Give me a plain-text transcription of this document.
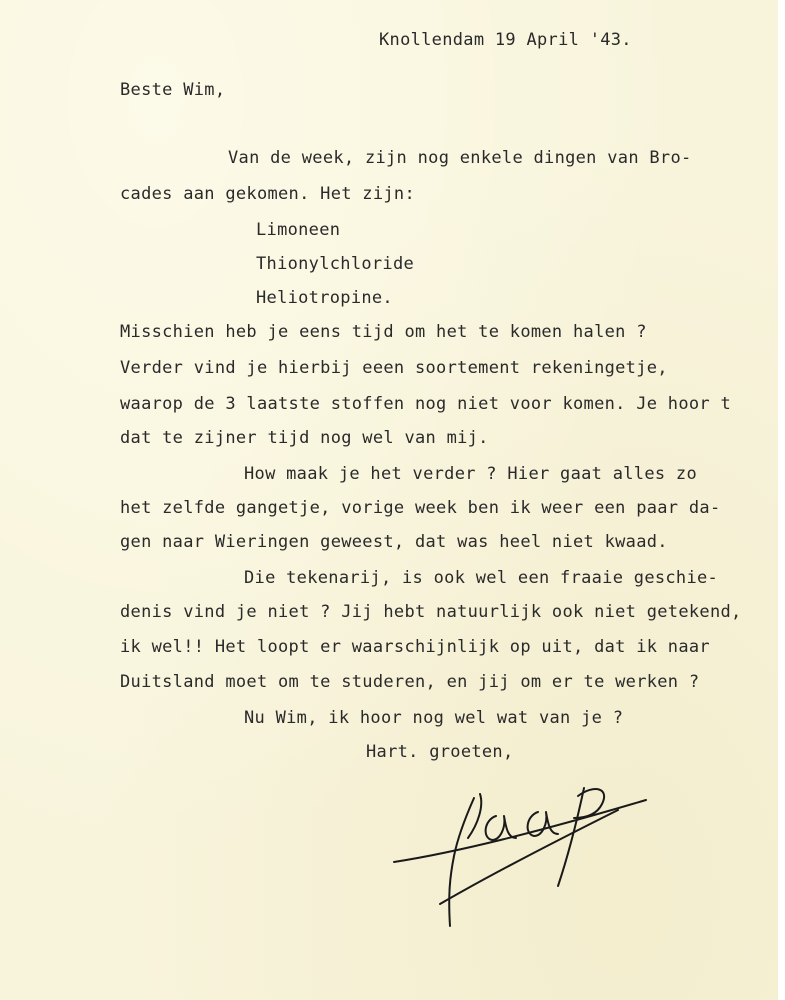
Knollendam 19 April '43.
Beste Wim,
Van de week, zijn nog enkele dingen van Bro-
cades aan gekomen. Het zijn:
Limoneen
Thionylchloride
Heliotropine.
Misschien heb je eens tijd om het te komen halen ?
Verder vind je hierbij eeen soortement rekeningetje,
waarop de 3 laatste stoffen nog niet voor komen. Je hoor t
dat te zijner tijd nog wel van mij.
How maak je het verder ? Hier gaat alles zo
het zelfde gangetje, vorige week ben ik weer een paar da-
gen naar Wieringen geweest, dat was heel niet kwaad.
Die tekenarij, is ook wel een fraaie geschie-
denis vind je niet ? Jij hebt natuurlijk ook niet getekend,
ik wel!! Het loopt er waarschijnlijk op uit, dat ik naar
Duitsland moet om te studeren, en jij om er te werken ?
Nu Wim, ik hoor nog wel wat van je ?
Hart. groeten,
